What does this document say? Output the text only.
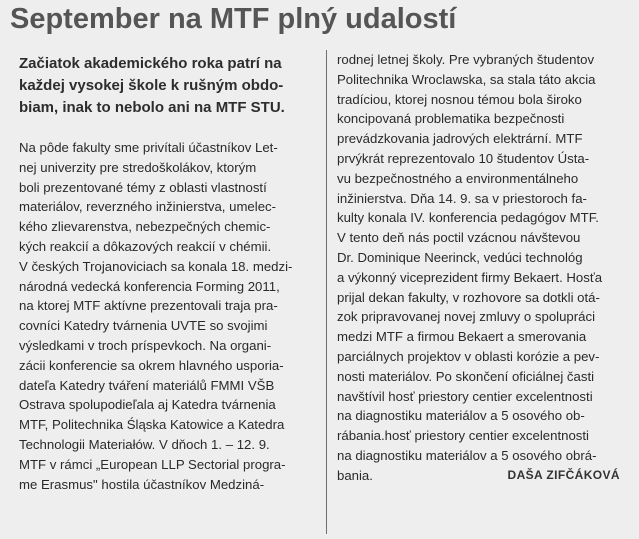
September na MTF plný udalostí
Začiatok akademického roka patrí na
každej vysokej škole k rušným obdo-
biam, inak to nebolo ani na MTF STU.
Na pôde fakulty sme privítali účastníkov Let-
nej univerzity pre stredoškolákov, ktorým
boli prezentované témy z oblasti vlastností
materiálov, reverzného inžinierstva, umelec-
kého zlievarenstva, nebezpečných chemic-
kých reakcií a dôkazových reakcií v chémii.
V českých Trojanoviciach sa konala 18. medzi-
národná vedecká konferencia Forming 2011,
na ktorej MTF aktívne prezentovali traja pra-
covníci Katedry tvárnenia UVTE so svojimi
výsledkami v troch príspevkoch. Na organi-
zácii konferencie sa okrem hlavného usporia-
dateľa Katedry tváření materiálů FMMI VŠB
Ostrava spolupodieľala aj Katedra tvárnenia
MTF, Politechnika Śląska Katowice a Katedra
Technologii Materiałów. V dňoch 1. – 12. 9.
MTF v rámci „European LLP Sectorial progra-
me Erasmus" hostila účastníkov Medziná-
rodnej letnej školy. Pre vybraných študentov
Politechnika Wroclawska, sa stala táto akcia
tradíciou, ktorej nosnou témou bola široko
koncipovaná problematika bezpečnosti
prevádzkovania jadrových elektrární. MTF
prvýkrát reprezentovalo 10 študentov Ústa-
vu bezpečnostného a environmentálneho
inžinierstva. Dňa 14. 9. sa v priestoroch fa-
kulty konala IV. konferencia pedagógov MTF.
V tento deň nás poctil vzácnou návštevou
Dr. Dominique Neerinck, vedúci technológ
a výkonný viceprezident firmy Bekaert. Hosťa
prijal dekan fakulty, v rozhovore sa dotkli otá-
zok pripravovanej novej zmluvy o spolupráci
medzi MTF a firmou Bekaert a smerovania
parciálnych projektov v oblasti korózie a pev-
nosti materiálov. Po skončení oficiálnej časti
navštívil hosť priestory centier excelentnosti
na diagnostiku materiálov a 5 osového ob-
rábania.hosť priestory centier excelentnosti
na diagnostiku materiálov a 5 osového obrá-
bania.	DAŠA ZIFČÁKOVÁ
